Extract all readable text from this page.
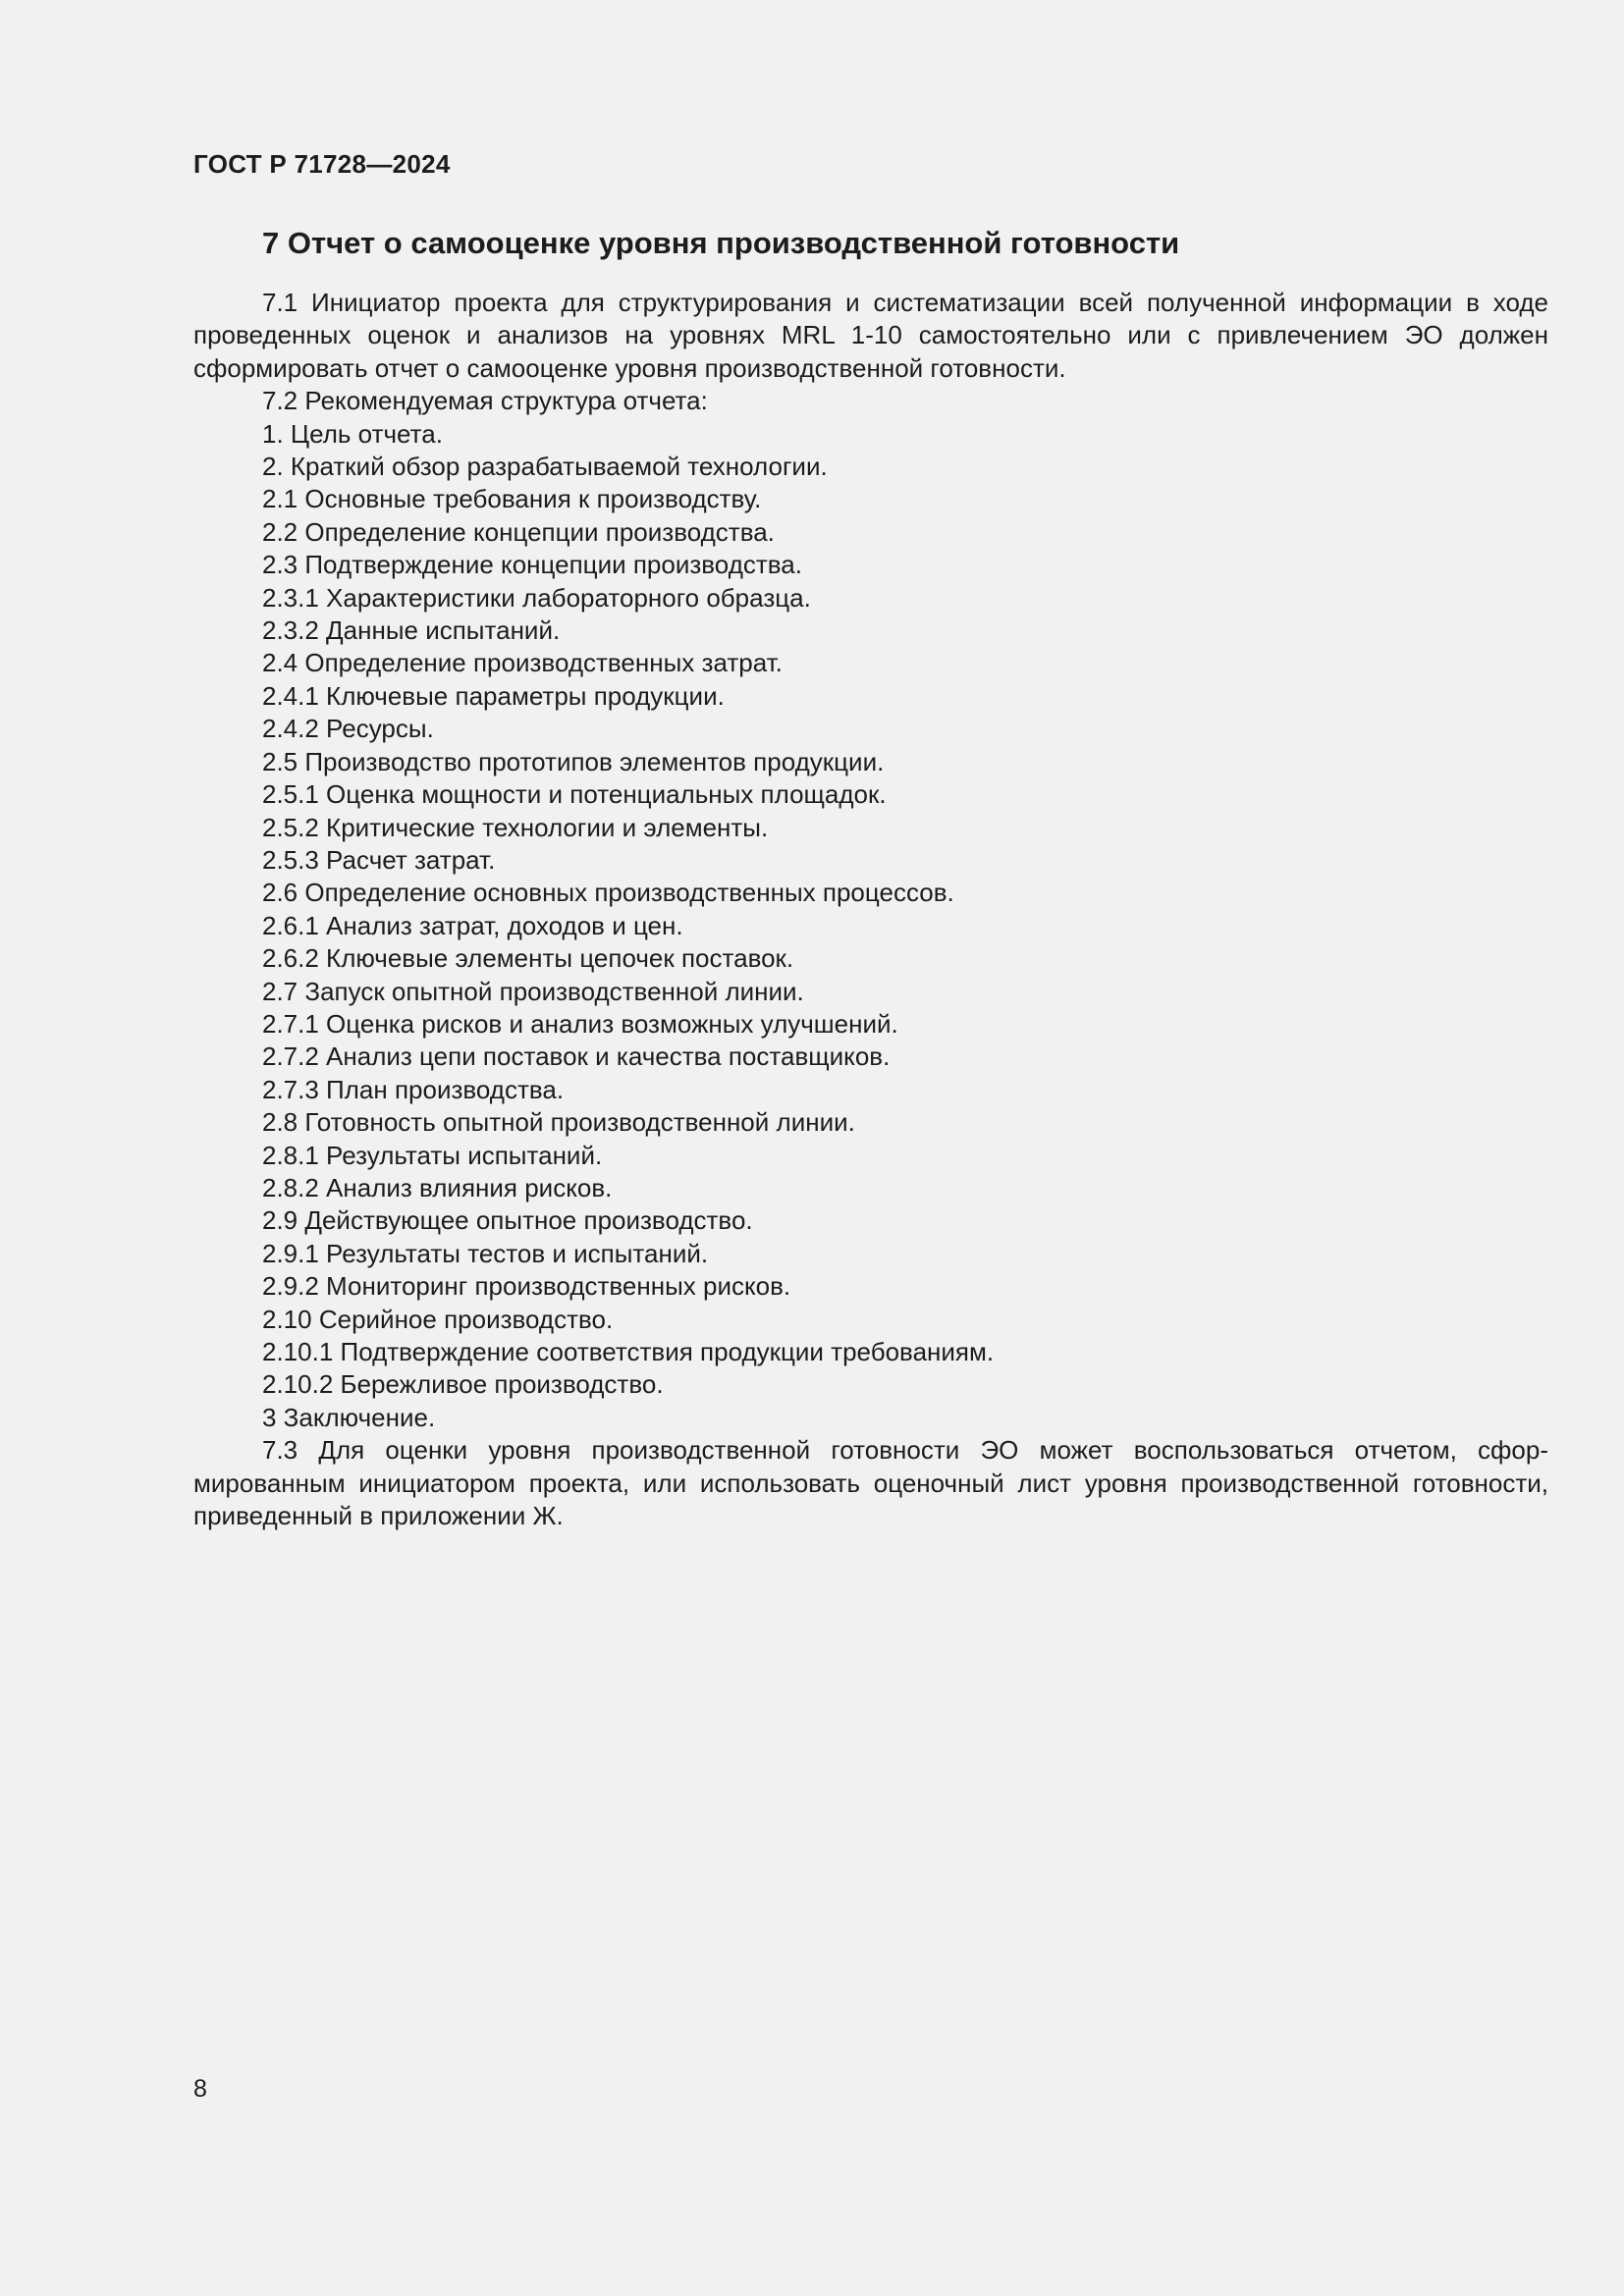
ГОСТ Р 71728—2024
7 Отчет о самооценке уровня производственной готовности

7.1 Инициатор проекта для структурирования и систематизации всей полученной информации в ходе проведенных оценок и анализов на уровнях MRL 1-10 самостоятельно или с привлечением ЭО должен сформировать отчет о самооценке уровня производственной готовности.

7.2 Рекомендуемая структура отчета:

1. Цель отчета.

2. Краткий обзор разрабатываемой технологии.

2.1 Основные требования к производству.

2.2 Определение концепции производства.

2.3 Подтверждение концепции производства.

2.3.1 Характеристики лабораторного образца.

2.3.2 Данные испытаний.

2.4 Определение производственных затрат.

2.4.1 Ключевые параметры продукции.

2.4.2 Ресурсы.

2.5 Производство прототипов элементов продукции.

2.5.1 Оценка мощности и потенциальных площадок.

2.5.2 Критические технологии и элементы.

2.5.3 Расчет затрат.

2.6 Определение основных производственных процессов.

2.6.1 Анализ затрат, доходов и цен.

2.6.2 Ключевые элементы цепочек поставок.

2.7 Запуск опытной производственной линии.

2.7.1 Оценка рисков и анализ возможных улучшений.

2.7.2 Анализ цепи поставок и качества поставщиков.

2.7.3 План производства.

2.8 Готовность опытной производственной линии.

2.8.1 Результаты испытаний.

2.8.2 Анализ влияния рисков.

2.9 Действующее опытное производство.

2.9.1 Результаты тестов и испытаний.

2.9.2 Мониторинг производственных рисков.

2.10 Серийное производство.

2.10.1 Подтверждение соответствия продукции требованиям.

2.10.2 Бережливое производство.

3 Заключение.

7.3 Для оценки уровня производственной готовности ЭО может воспользоваться отчетом, сформированным инициатором проекта, или использовать оценочный лист уровня производственной готовности, приведенный в приложении Ж.

8
